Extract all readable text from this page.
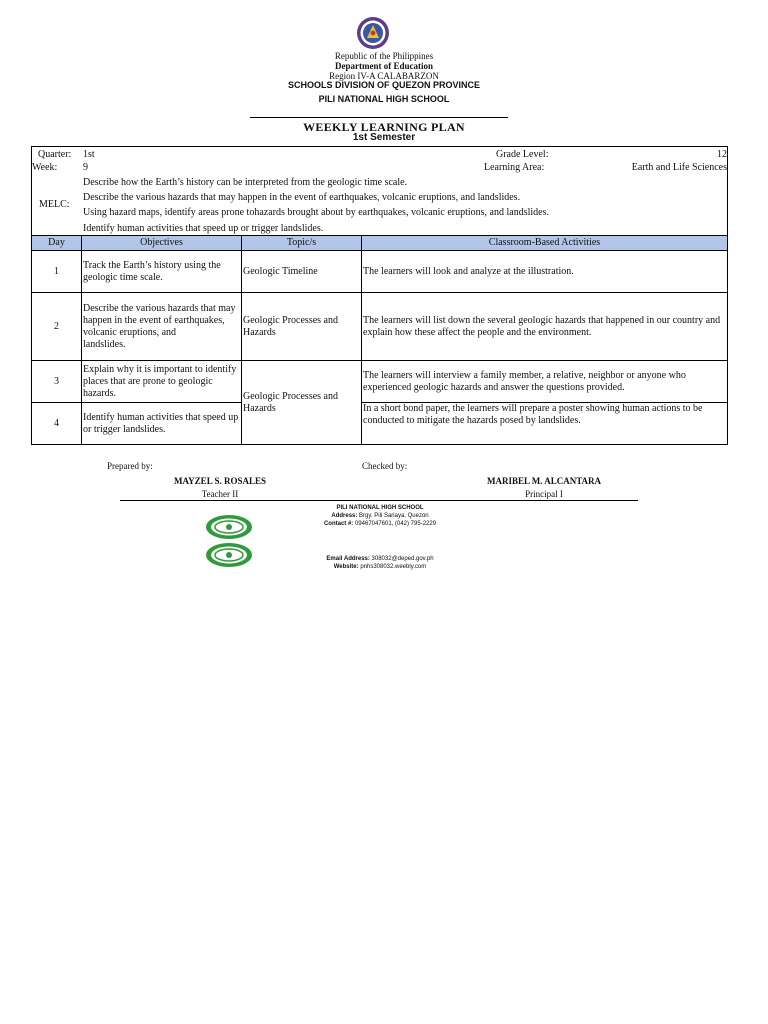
Republic of the Philippines
Department of Education
Region IV-A CALABARZON
SCHOOLS DIVISION OF QUEZON PROVINCE
PILI NATIONAL HIGH SCHOOL
WEEKLY LEARNING PLAN
1st Semester
Quarter: 1st	Grade Level:	12
Week:	9	Learning Area:	Earth and Life Sciences
MELC:
Describe how the Earth’s history can be interpreted from the geologic time scale.
Describe the various hazards that may happen in the event of earthquakes, volcanic eruptions, and landslides.
Using hazard maps, identify areas prone tohazards brought about by earthquakes, volcanic eruptions, and landslides.
Identify human activities that speed up or trigger landslides.
Day	Objectives	Topic/s	Classroom-Based Activities
1	Track the Earth’s history using the geologic time scale.	Geologic Timeline	The learners will look and analyze at the illustration.
2	Describe the various hazards that may happen in the event of earthquakes,
volcanic eruptions, and
landslides.	Geologic Processes and Hazards	The learners will list down the several geologic hazards that happened in our country and explain how these affect the people and the environment.
3	Explain why it is important to identify places that are prone to geologic hazards.	Geologic Processes and Hazards	The learners will interview a family member, a relative, neighbor or anyone who experienced geologic hazards and answer the questions provided.
4	Identify human activities that speed up or trigger landslides.		In a short bond paper, the learners will prepare a poster showing human actions to be conducted to mitigate the hazards posed by landslides.
Prepared by:	Checked by:
MAYZEL S. ROSALES	MARIBEL M. ALCANTARA
Teacher II	Principal I
PILI NATIONAL HIGH SCHOOL
Address: Brgy. Pili Sariaya, Quezon
Contact #: 09467047601, (042) 795-2229
Email Address: 308032@deped.gov.ph
Website: pnhs308032.weebly.com
